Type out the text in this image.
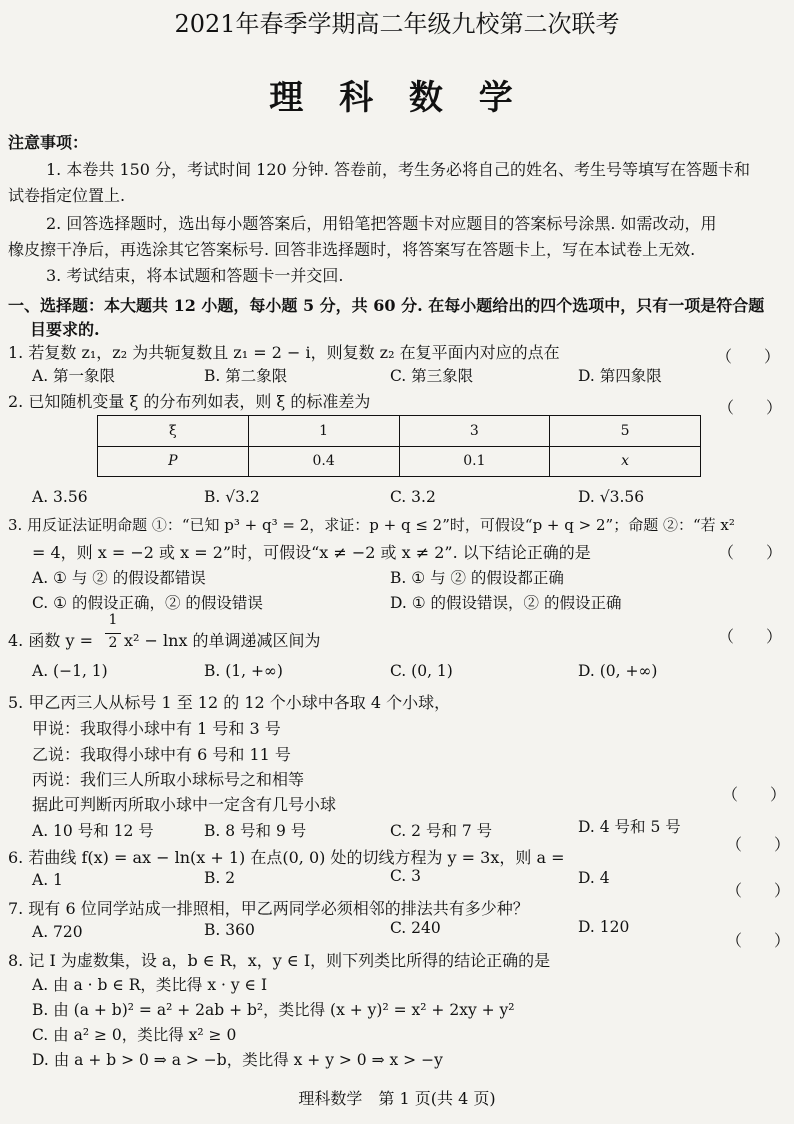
2021年春季学期高二年级九校第二次联考
理 科 数 学
注意事项：
1. 本卷共 150 分，考试时间 120 分钟. 答卷前，考生务必将自己的姓名、考生号等填写在答题卡和
试卷指定位置上.
2. 回答选择题时，选出每小题答案后，用铅笔把答题卡对应题目的答案标号涂黑. 如需改动，用
橡皮擦干净后，再选涂其它答案标号. 回答非选择题时，将答案写在答题卡上，写在本试卷上无效.
3. 考试结束，将本试题和答题卡一并交回.
一、选择题：本大题共 12 小题，每小题 5 分，共 60 分. 在每小题给出的四个选项中，只有一项是符合题
目要求的.
1. 若复数 z₁，z₂ 为共轭复数且 z₁ = 2 − i，则复数 z₂ 在复平面内对应的点在	（　　）
A. 第一象限	B. 第二象限	C. 第三象限	D. 第四象限
2. 已知随机变量 ξ 的分布列如表，则 ξ 的标准差为	（　　）
ξ	1	3	5
P	0.4	0.1	x
A. 3.56	B. √3.2	C. 3.2	D. √3.56
3. 用反证法证明命题 ①：“已知 p³ + q³ = 2，求证：p + q ≤ 2”时，可假设“p + q > 2”；命题 ②：“若 x²
= 4，则 x = −2 或 x = 2”时，可假设“x ≠ −2 或 x ≠ 2”. 以下结论正确的是	（　　）
A. ① 与 ② 的假设都错误	B. ① 与 ② 的假设都正确
C. ① 的假设正确，② 的假设错误	D. ① 的假设错误，② 的假设正确
4. 函数 y =
1
2 x² − lnx 的单调递减区间为	（　　）
A. (−1, 1)	B. (1, +∞)	C. (0, 1)	D. (0, +∞)
5. 甲乙丙三人从标号 1 至 12 的 12 个小球中各取 4 个小球，
甲说：我取得小球中有 1 号和 3 号
乙说：我取得小球中有 6 号和 11 号
丙说：我们三人所取小球标号之和相等
据此可判断丙所取小球中一定含有几号小球
（　　）
A. 10 号和 12 号	B. 8 号和 9 号	C. 2 号和 7 号	D. 4 号和 5 号
6. 若曲线 f(x) = ax − ln(x + 1) 在点(0, 0) 处的切线方程为 y = 3x，则 a =
（　　）
A. 1	B. 2	C. 3	D. 4
7. 现有 6 位同学站成一排照相，甲乙两同学必须相邻的排法共有多少种？
（　　）
A. 720	B. 360	C. 240	D. 120
（　　）
8. 记 I 为虚数集，设 a，b ∈ R，x，y ∈ I，则下列类比所得的结论正确的是
A. 由 a · b ∈ R，类比得 x · y ∈ I
B. 由 (a + b)² = a² + 2ab + b²，类比得 (x + y)² = x² + 2xy + y²
C. 由 a² ≥ 0，类比得 x² ≥ 0
D. 由 a + b > 0 ⇒ a > −b，类比得 x + y > 0 ⇒ x > −y
理科数学　第 1 页(共 4 页)
